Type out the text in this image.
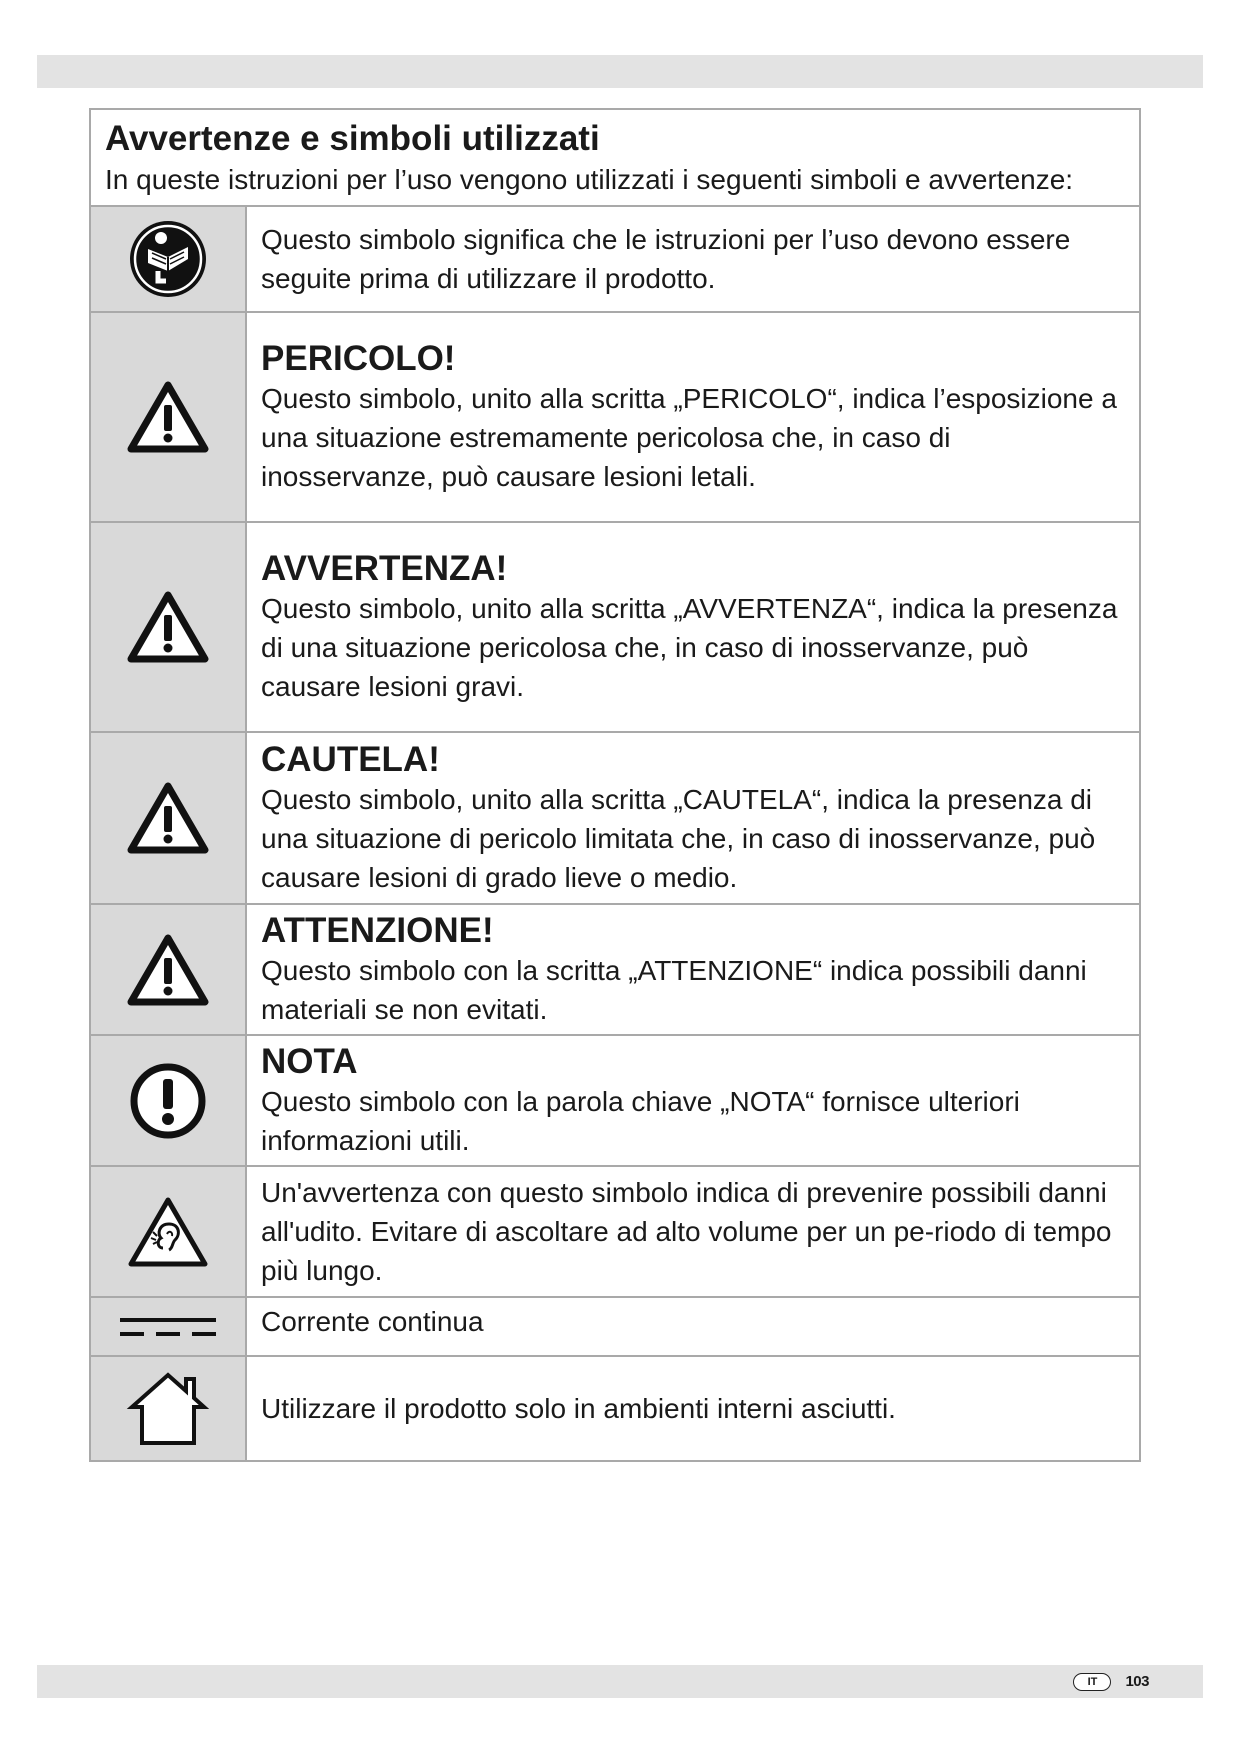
Avvertenze e simboli utilizzati

In queste istruzioni per l’uso vengono utilizzati i seguenti simboli e avvertenze:

Questo simbolo significa che le istruzioni per l’uso devono essere seguite prima di utilizzare il prodotto.

PERICOLO!

Questo simbolo, unito alla scritta „PERICOLO“, indica l’esposizione a una situazione estremamente pericolosa che, in caso di inosservanze, può causare lesioni letali.

AVVERTENZA!

Questo simbolo, unito alla scritta „AVVERTENZA“, indica la presenza di una situazione pericolosa che, in caso di inosservanze, può causare lesioni gravi.

CAUTELA!

Questo simbolo, unito alla scritta „CAUTELA“, indica la presenza di una situazione di pericolo limitata che, in caso di inosservanze, può causare lesioni di grado lieve o medio.

ATTENZIONE!

Questo simbolo con la scritta „ATTENZIONE“ indica possibili danni materiali se non evitati.

NOTA

Questo simbolo con la parola chiave „NOTA“ fornisce ulteriori informazioni utili.

Un'avvertenza con questo simbolo indica di prevenire possibili danni all'udito. Evitare di ascoltare ad alto volume per un pe-riodo di tempo più lungo.

Corrente continua

Utilizzare il prodotto solo in ambienti interni asciutti.

IT	103
